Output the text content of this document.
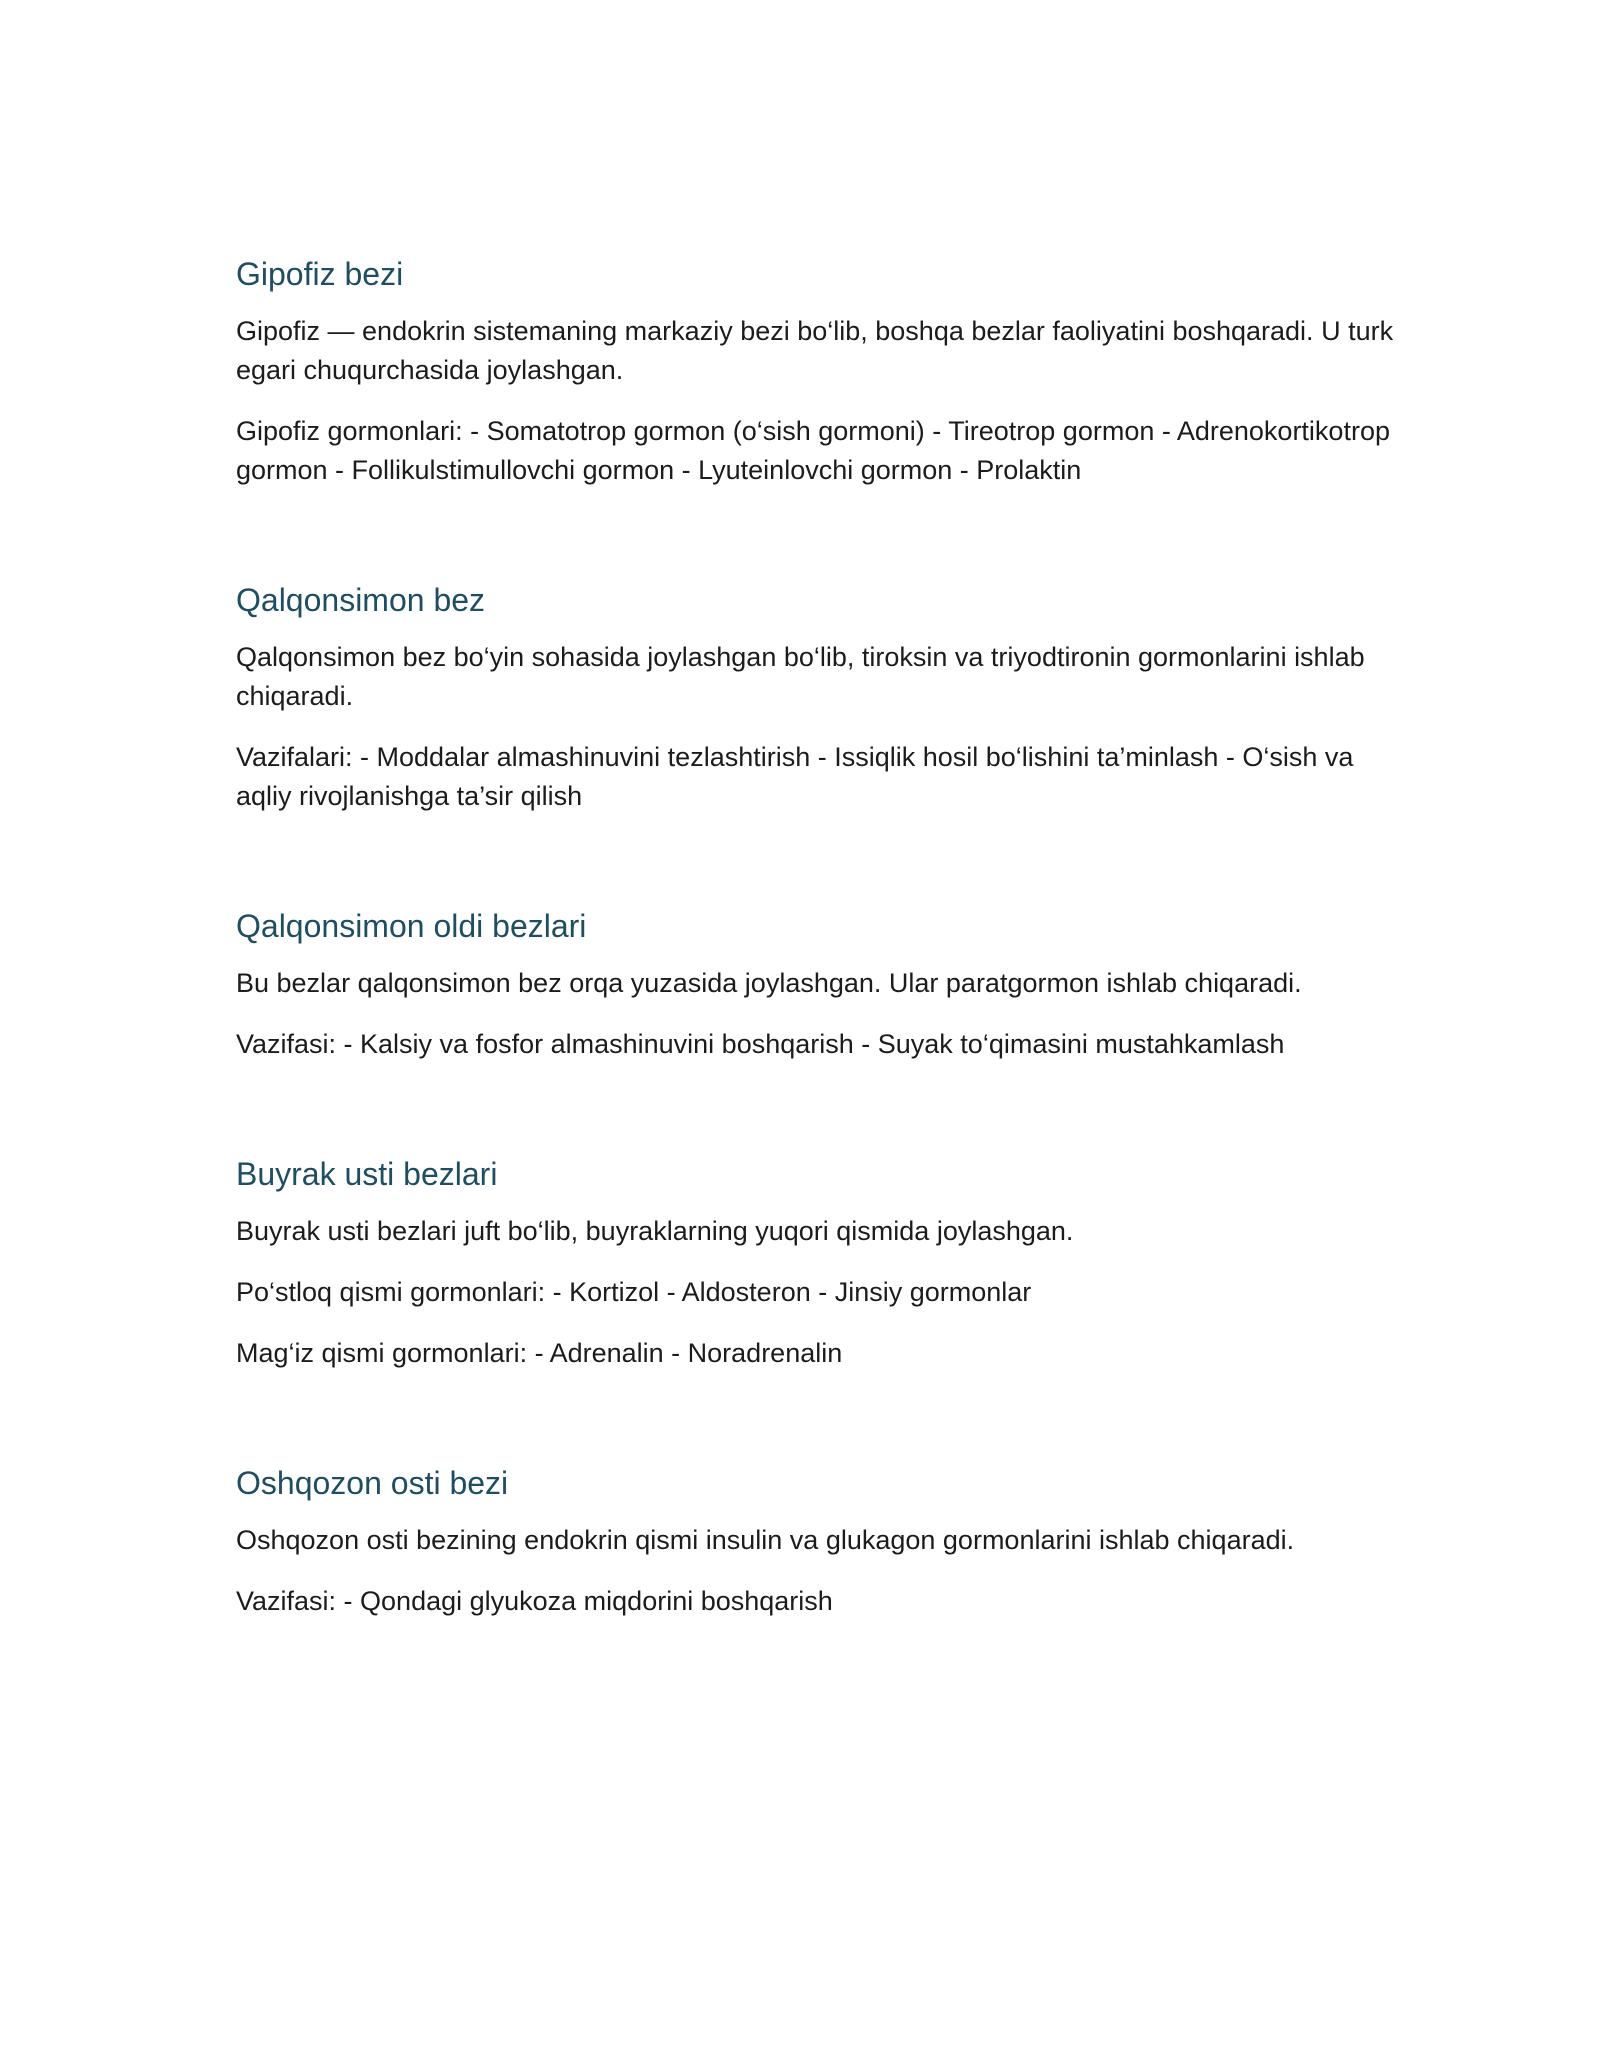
Gipofiz bezi

Gipofiz — endokrin sistemaning markaziy bezi bo‘lib, boshqa bezlar faoliyatini boshqaradi. U turk egari chuqurchasida joylashgan.

Gipofiz gormonlari: - Somatotrop gormon (o‘sish gormoni) - Tireotrop gormon - Adrenokortikotrop gormon - Follikulstimullovchi gormon - Lyuteinlovchi gormon - Prolaktin

Qalqonsimon bez

Qalqonsimon bez bo‘yin sohasida joylashgan bo‘lib, tiroksin va triyodtironin gormonlarini ishlab chiqaradi.

Vazifalari: - Moddalar almashinuvini tezlashtirish - Issiqlik hosil bo‘lishini ta’minlash - O‘sish va aqliy rivojlanishga ta’sir qilish

Qalqonsimon oldi bezlari

Bu bezlar qalqonsimon bez orqa yuzasida joylashgan. Ular paratgormon ishlab chiqaradi.

Vazifasi: - Kalsiy va fosfor almashinuvini boshqarish - Suyak to‘qimasini mustahkamlash

Buyrak usti bezlari

Buyrak usti bezlari juft bo‘lib, buyraklarning yuqori qismida joylashgan.

Po‘stloq qismi gormonlari: - Kortizol - Aldosteron - Jinsiy gormonlar

Mag‘iz qismi gormonlari: - Adrenalin - Noradrenalin

Oshqozon osti bezi

Oshqozon osti bezining endokrin qismi insulin va glukagon gormonlarini ishlab chiqaradi.

Vazifasi: - Qondagi glyukoza miqdorini boshqarish
